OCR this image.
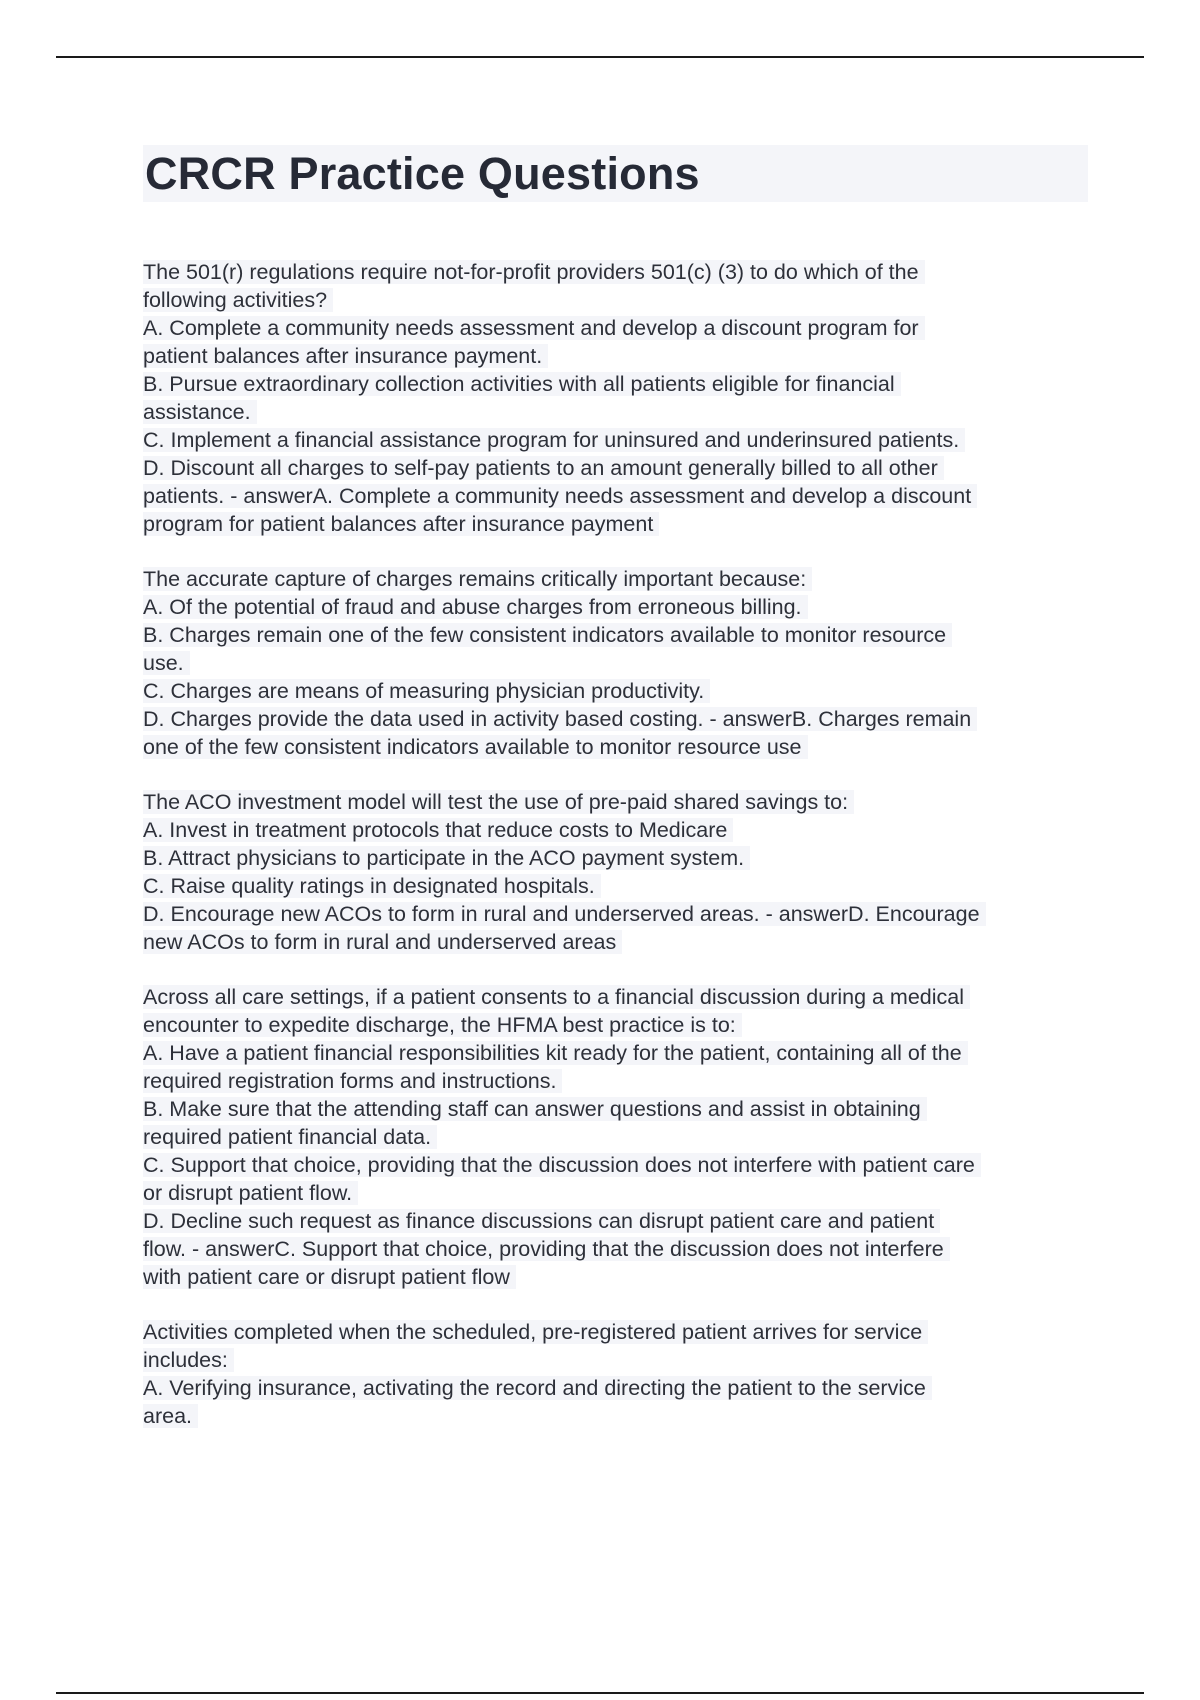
CRCR Practice Questions
The 501(r) regulations require not-for-profit providers 501(c) (3) to do which of the
following activities?
A. Complete a community needs assessment and develop a discount program for
patient balances after insurance payment.
B. Pursue extraordinary collection activities with all patients eligible for financial
assistance.
C. Implement a financial assistance program for uninsured and underinsured patients.
D. Discount all charges to self-pay patients to an amount generally billed to all other
patients. - answerA. Complete a community needs assessment and develop a discount
program for patient balances after insurance payment
The accurate capture of charges remains critically important because:
A. Of the potential of fraud and abuse charges from erroneous billing.
B. Charges remain one of the few consistent indicators available to monitor resource
use.
C. Charges are means of measuring physician productivity.
D. Charges provide the data used in activity based costing. - answerB. Charges remain
one of the few consistent indicators available to monitor resource use
The ACO investment model will test the use of pre-paid shared savings to:
A. Invest in treatment protocols that reduce costs to Medicare
B. Attract physicians to participate in the ACO payment system.
C. Raise quality ratings in designated hospitals.
D. Encourage new ACOs to form in rural and underserved areas. - answerD. Encourage
new ACOs to form in rural and underserved areas
Across all care settings, if a patient consents to a financial discussion during a medical
encounter to expedite discharge, the HFMA best practice is to:
A. Have a patient financial responsibilities kit ready for the patient, containing all of the
required registration forms and instructions.
B. Make sure that the attending staff can answer questions and assist in obtaining
required patient financial data.
C. Support that choice, providing that the discussion does not interfere with patient care
or disrupt patient flow.
D. Decline such request as finance discussions can disrupt patient care and patient
flow. - answerC. Support that choice, providing that the discussion does not interfere
with patient care or disrupt patient flow
Activities completed when the scheduled, pre-registered patient arrives for service
includes:
A. Verifying insurance, activating the record and directing the patient to the service
area.
